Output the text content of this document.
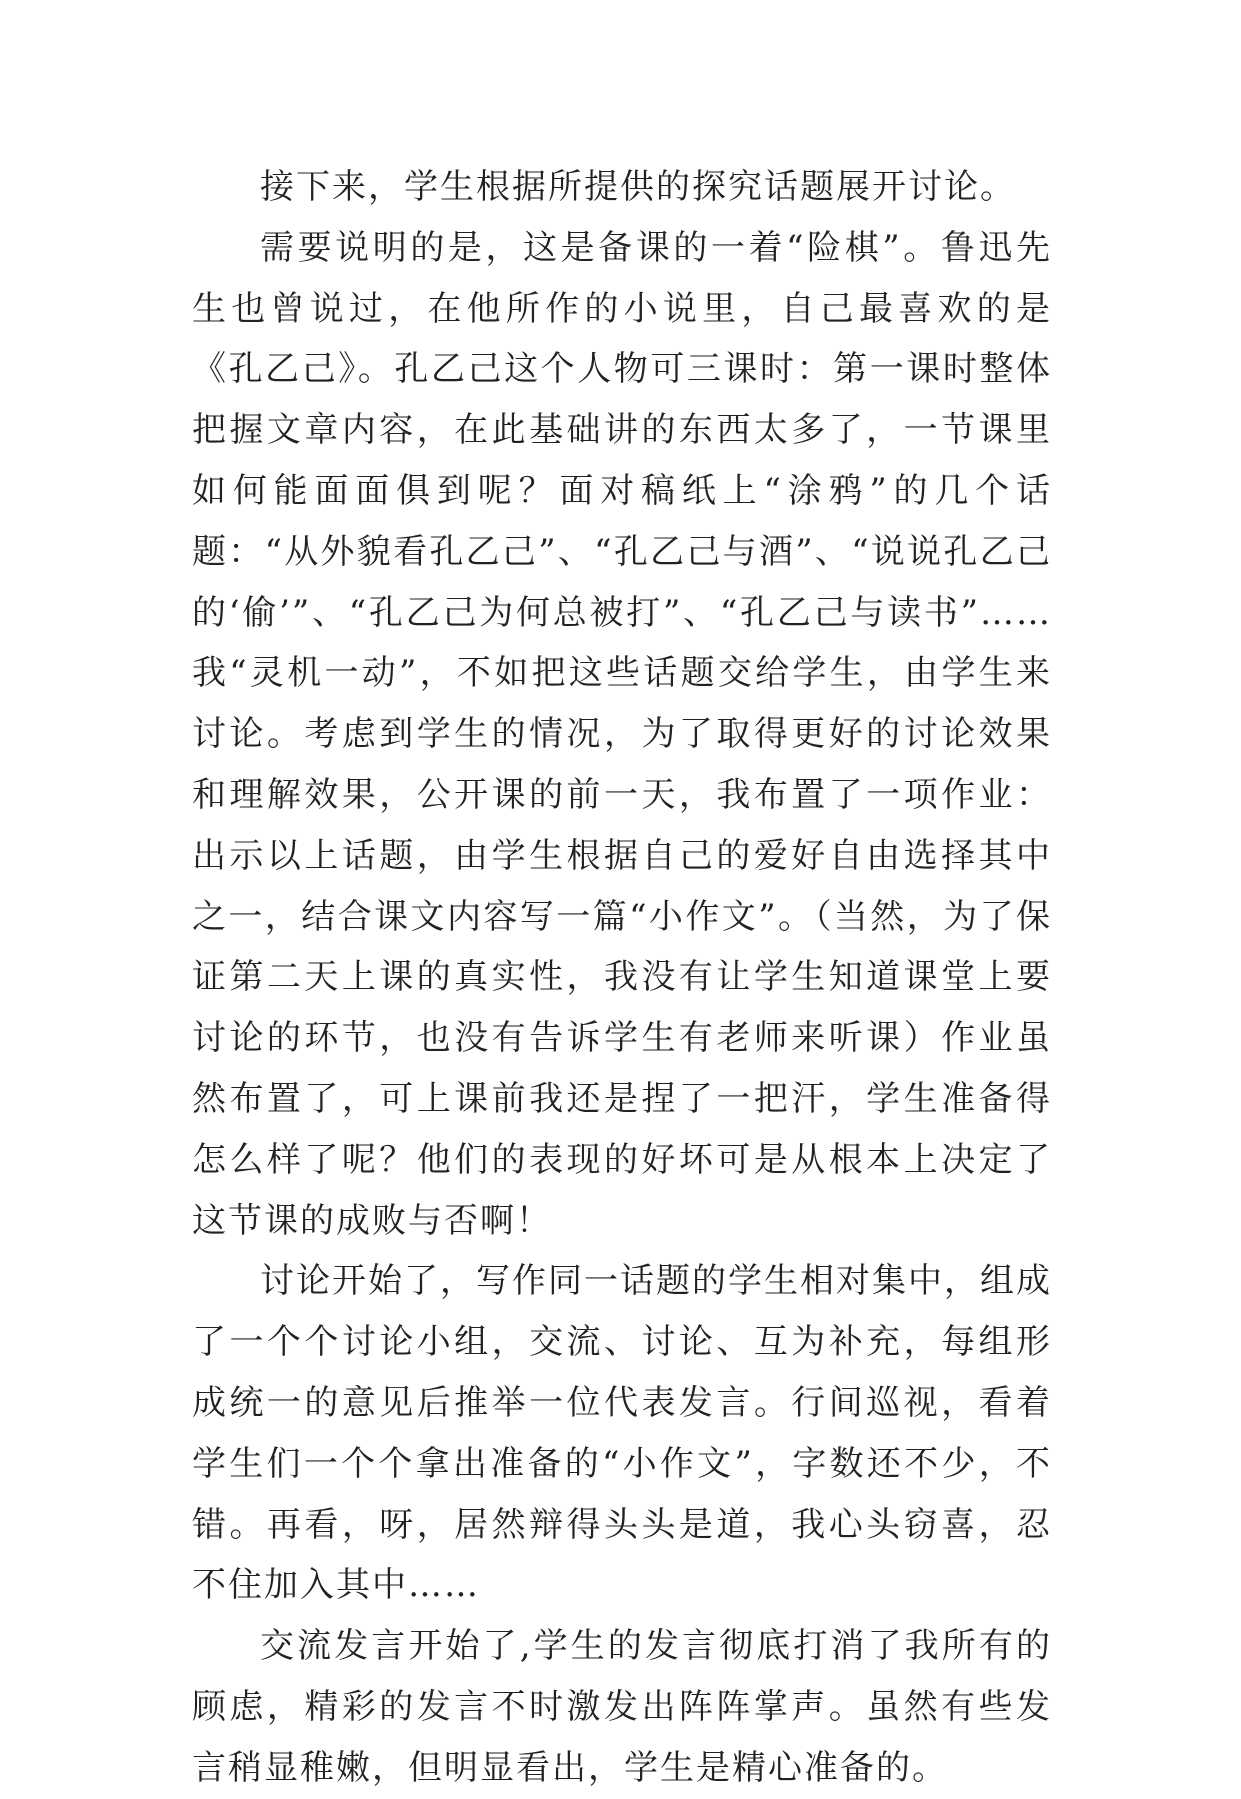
接下来，学生根据所提供的探究话题展开讨论。

需要说明的是，这是备课的一着“险棋”。鲁迅先生也曾说过，在他所作的小说里，自己最喜欢的是《孔乙己》。孔乙己这个人物可三课时：第一课时整体把握文章内容，在此基础讲的东西太多了，一节课里如何能面面俱到呢？面对稿纸上“涂鸦”的几个话题：“从外貌看孔乙己”、“孔乙己与酒”、“说说孔乙己的‘偷’”、“孔乙己为何总被打”、“孔乙己与读书”……我“灵机一动”，不如把这些话题交给学生，由学生来讨论。考虑到学生的情况，为了取得更好的讨论效果和理解效果，公开课的前一天，我布置了一项作业：出示以上话题，由学生根据自己的爱好自由选择其中之一，结合课文内容写一篇“小作文”。（当然，为了保证第二天上课的真实性，我没有让学生知道课堂上要讨论的环节，也没有告诉学生有老师来听课）作业虽然布置了，可上课前我还是捏了一把汗，学生准备得怎么样了呢？他们的表现的好坏可是从根本上决定了这节课的成败与否啊！

讨论开始了，写作同一话题的学生相对集中，组成了一个个讨论小组，交流、讨论、互为补充，每组形成统一的意见后推举一位代表发言。行间巡视，看着学生们一个个拿出准备的“小作文”，字数还不少，不错。再看，呀，居然辩得头头是道，我心头窃喜，忍不住加入其中……

交流发言开始了,学生的发言彻底打消了我所有的顾虑，精彩的发言不时激发出阵阵掌声。虽然有些发言稍显稚嫩，但明显看出，学生是精心准备的。
